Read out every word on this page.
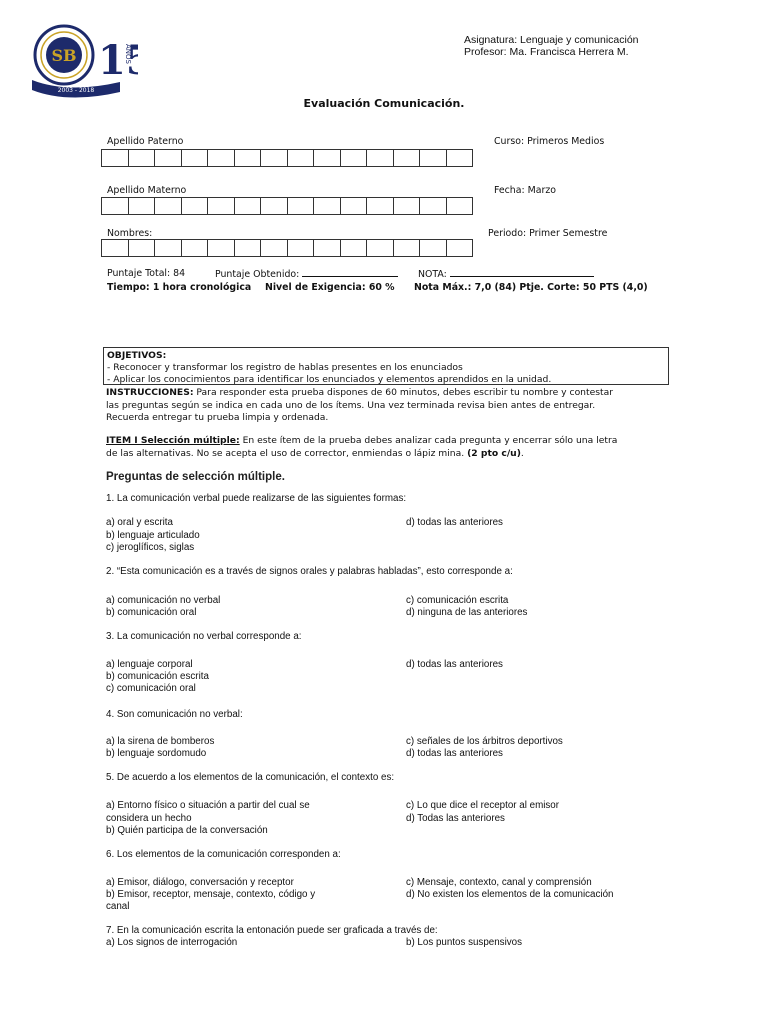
SB 1
AÑOS
2003 - 2018
Asignatura: Lenguaje y comunicación
Profesor: Ma. Francisca Herrera M.
Evaluación Comunicación.
Apellido Paterno	Curso: Primeros Medios
Apellido Materno	Fecha: Marzo
Nombres:	Periodo: Primer Semestre
Puntaje Total: 84	Puntaje Obtenido:	NOTA:
Tiempo: 1 hora cronológica Nivel de Exigencia: 60 % Nota Máx.: 7,0 (84) Ptje. Corte: 50 PTS (4,0)
OBJETIVOS:
- Reconocer y transformar los registro de hablas presentes en los enunciados
- Aplicar los conocimientos para identificar los enunciados y elementos aprendidos en la unidad.
INSTRUCCIONES: Para responder esta prueba dispones de 60 minutos, debes escribir tu nombre y contestar
las preguntas según se indica en cada uno de los ítems. Una vez terminada revisa bien antes de entregar.
Recuerda entregar tu prueba limpia y ordenada.
ITEM I Selección múltiple: En este ítem de la prueba debes analizar cada pregunta y encerrar sólo una letra
de las alternativas. No se acepta el uso de corrector, enmiendas o lápiz mina. (2 pto c/u).
Preguntas de selección múltiple.
1. La comunicación verbal puede realizarse de las siguientes formas:
a) oral y escrita
b) lenguaje articulado
c) jeroglíficos, siglas
d) todas las anteriores
2. “Esta comunicación es a través de signos orales y palabras habladas”, esto corresponde a:
a) comunicación no verbal
b) comunicación oral
c) comunicación escrita
d) ninguna de las anteriores
3. La comunicación no verbal corresponde a:
a) lenguaje corporal
b) comunicación escrita
c) comunicación oral
d) todas las anteriores
4. Son comunicación no verbal:
a) la sirena de bomberos
b) lenguaje sordomudo
c) señales de los árbitros deportivos
d) todas las anteriores
5. De acuerdo a los elementos de la comunicación, el contexto es:
a) Entorno físico o situación a partir del cual se
considera un hecho
b) Quién participa de la conversación
c) Lo que dice el receptor al emisor
d) Todas las anteriores
6. Los elementos de la comunicación corresponden a:
a) Emisor, diálogo, conversación y receptor
b) Emisor, receptor, mensaje, contexto, código y
canal
c) Mensaje, contexto, canal y comprensión
d) No existen los elementos de la comunicación
7. En la comunicación escrita la entonación puede ser graficada a través de:
a) Los signos de interrogación	b) Los puntos suspensivos
